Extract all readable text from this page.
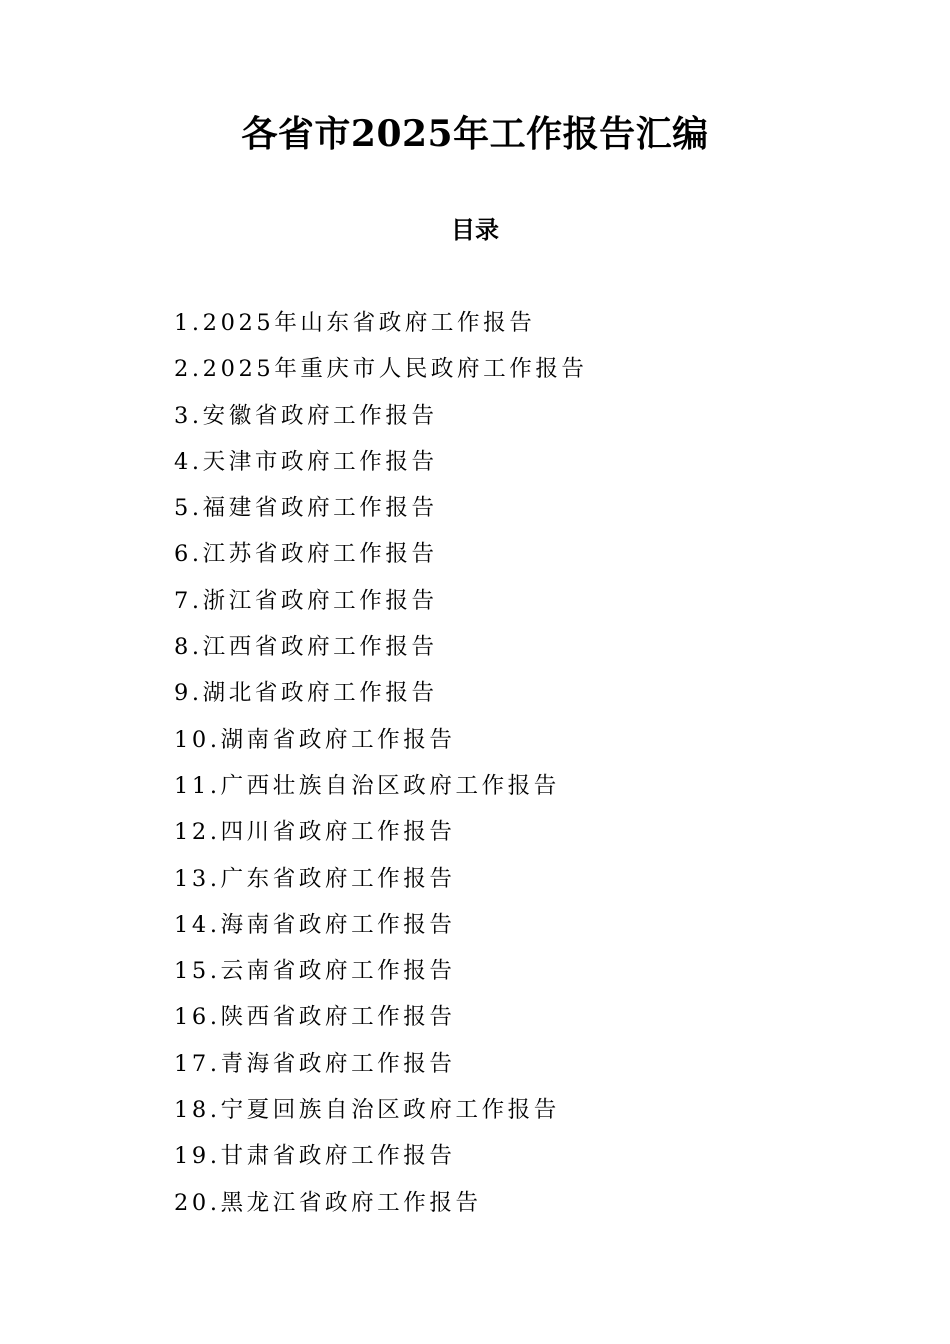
各省市2025年工作报告汇编
目录
1.2025年山东省政府工作报告
2.2025年重庆市人民政府工作报告
3.安徽省政府工作报告
4.天津市政府工作报告
5.福建省政府工作报告
6.江苏省政府工作报告
7.浙江省政府工作报告
8.江西省政府工作报告
9.湖北省政府工作报告
10.湖南省政府工作报告
11.广西壮族自治区政府工作报告
12.四川省政府工作报告
13.广东省政府工作报告
14.海南省政府工作报告
15.云南省政府工作报告
16.陕西省政府工作报告
17.青海省政府工作报告
18.宁夏回族自治区政府工作报告
19.甘肃省政府工作报告
20.黑龙江省政府工作报告
